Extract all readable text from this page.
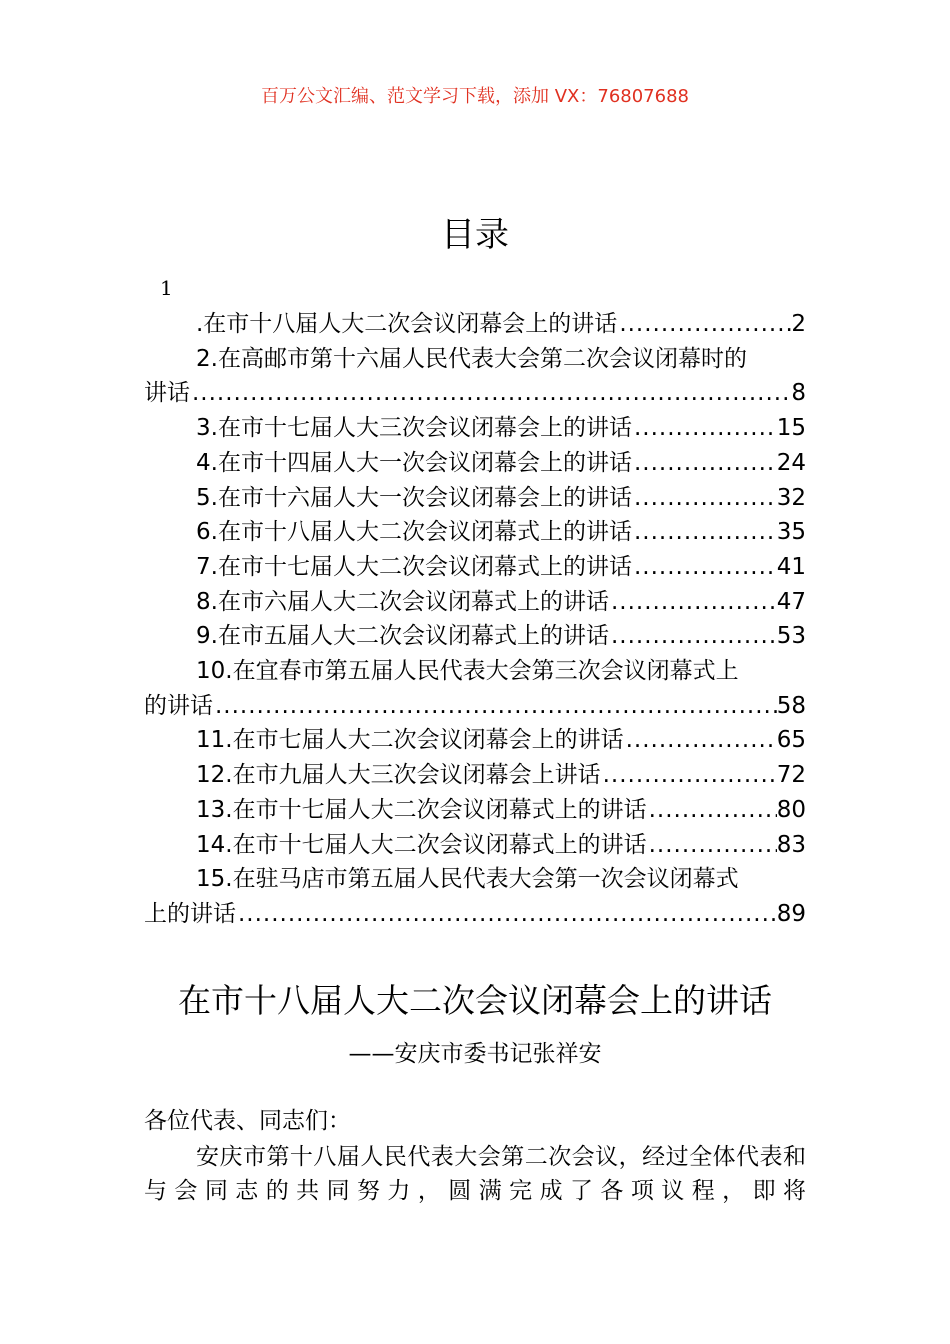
百万公文汇编、范文学习下载，添加 VX：76807688
目录
1
.在市十八届人大二次会议闭幕会上的讲话 .....	2
2.在高邮市第十六届人民代表大会第二次会议闭幕时的
讲话 .....	8
3.在市十七届人大三次会议闭幕会上的讲话 .....	15
4.在市十四届人大一次会议闭幕会上的讲话 .....	24
5.在市十六届人大一次会议闭幕会上的讲话 .....	32
6.在市十八届人大二次会议闭幕式上的讲话 .....	35
7.在市十七届人大二次会议闭幕式上的讲话 .....	41
8.在市六届人大二次会议闭幕式上的讲话 .....	47
9.在市五届人大二次会议闭幕式上的讲话 .....	53
10.在宜春市第五届人民代表大会第三次会议闭幕式上
的讲话 .....	58
11.在市七届人大二次会议闭幕会上的讲话 .....	65
12.在市九届人大三次会议闭幕会上讲话 .....	72
13.在市十七届人大二次会议闭幕式上的讲话 .....	80
14.在市十七届人大二次会议闭幕式上的讲话 .....	83
15.在驻马店市第五届人民代表大会第一次会议闭幕式
上的讲话 .....	89
在市十八届人大二次会议闭幕会上的讲话
——安庆市委书记张祥安
各位代表、同志们：
安庆市第十八届人民代表大会第二次会议，经过全体代表和与会同志的共同努力，圆满完成了各项议程，即将
